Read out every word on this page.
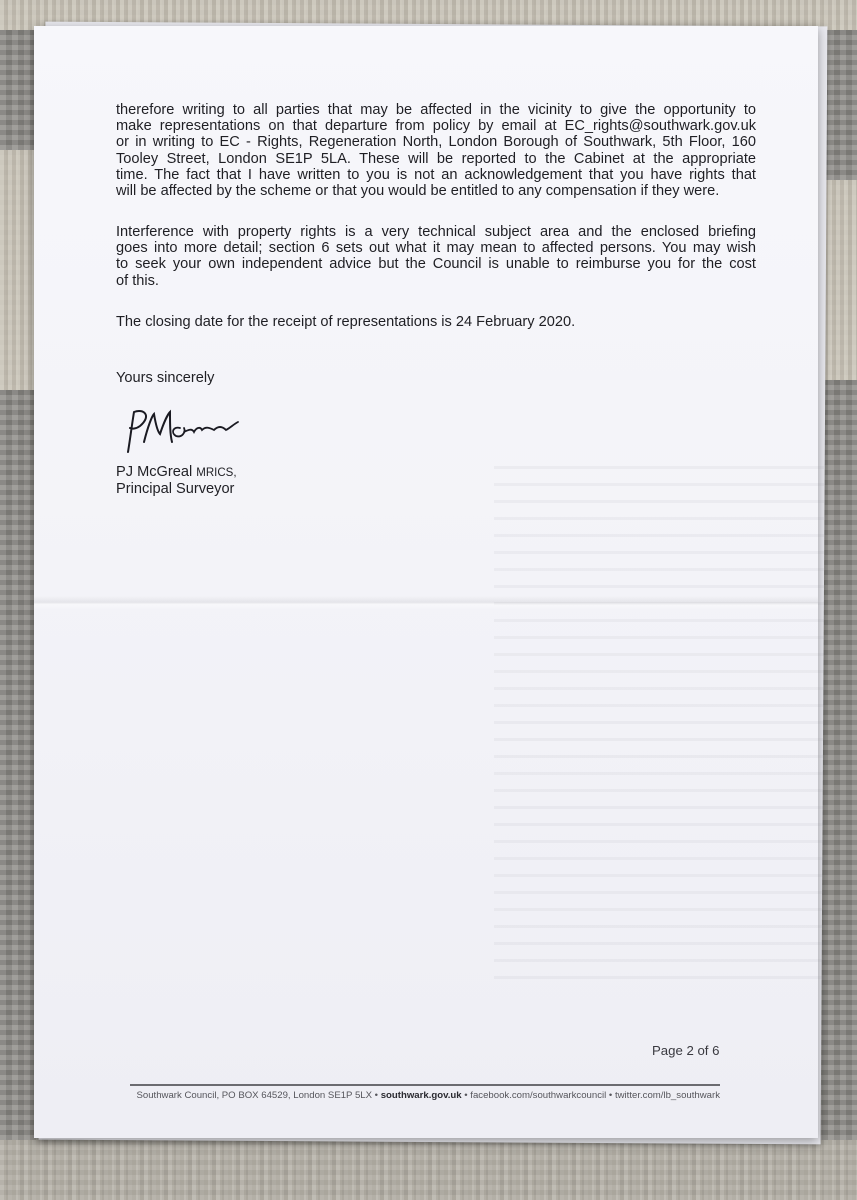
therefore writing to all parties that may be affected in the vicinity to give the opportunity to
make representations on that departure from policy by email at EC_rights@southwark.gov.uk
or in writing to EC - Rights, Regeneration North, London Borough of Southwark, 5th Floor, 160
Tooley Street, London SE1P 5LA. These will be reported to the Cabinet at the appropriate
time. The fact that I have written to you is not an acknowledgement that you have rights that
will be affected by the scheme or that you would be entitled to any compensation if they were.
Interference with property rights is a very technical subject area and the enclosed briefing
goes into more detail; section 6 sets out what it may mean to affected persons. You may wish
to seek your own independent advice but the Council is unable to reimburse you for the cost
of this.
The closing date for the receipt of representations is 24 February 2020.
Yours sincerely
PJ McGreal MRICS,
Principal Surveyor
Page 2 of 6
Southwark Council, PO BOX 64529, London SE1P 5LX • southwark.gov.uk • facebook.com/southwarkcouncil • twitter.com/lb_southwark
